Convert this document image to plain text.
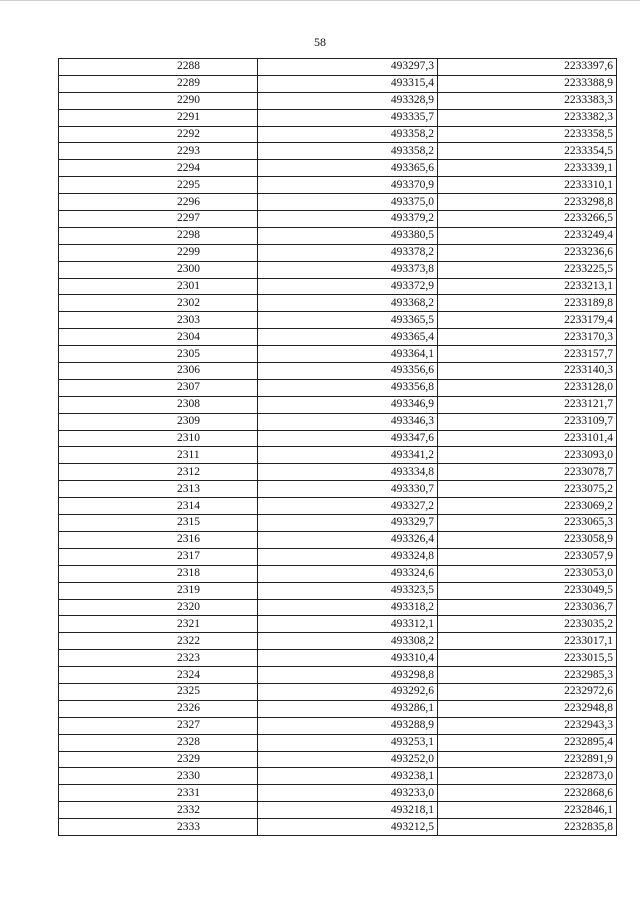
58
2288	493297,3	2233397,6
2289	493315,4	2233388,9
2290	493328,9	2233383,3
2291	493335,7	2233382,3
2292	493358,2	2233358,5
2293	493358,2	2233354,5
2294	493365,6	2233339,1
2295	493370,9	2233310,1
2296	493375,0	2233298,8
2297	493379,2	2233266,5
2298	493380,5	2233249,4
2299	493378,2	2233236,6
2300	493373,8	2233225,5
2301	493372,9	2233213,1
2302	493368,2	2233189,8
2303	493365,5	2233179,4
2304	493365,4	2233170,3
2305	493364,1	2233157,7
2306	493356,6	2233140,3
2307	493356,8	2233128,0
2308	493346,9	2233121,7
2309	493346,3	2233109,7
2310	493347,6	2233101,4
2311	493341,2	2233093,0
2312	493334,8	2233078,7
2313	493330,7	2233075,2
2314	493327,2	2233069,2
2315	493329,7	2233065,3
2316	493326,4	2233058,9
2317	493324,8	2233057,9
2318	493324,6	2233053,0
2319	493323,5	2233049,5
2320	493318,2	2233036,7
2321	493312,1	2233035,2
2322	493308,2	2233017,1
2323	493310,4	2233015,5
2324	493298,8	2232985,3
2325	493292,6	2232972,6
2326	493286,1	2232948,8
2327	493288,9	2232943,3
2328	493253,1	2232895,4
2329	493252,0	2232891,9
2330	493238,1	2232873,0
2331	493233,0	2232868,6
2332	493218,1	2232846,1
2333	493212,5	2232835,8
